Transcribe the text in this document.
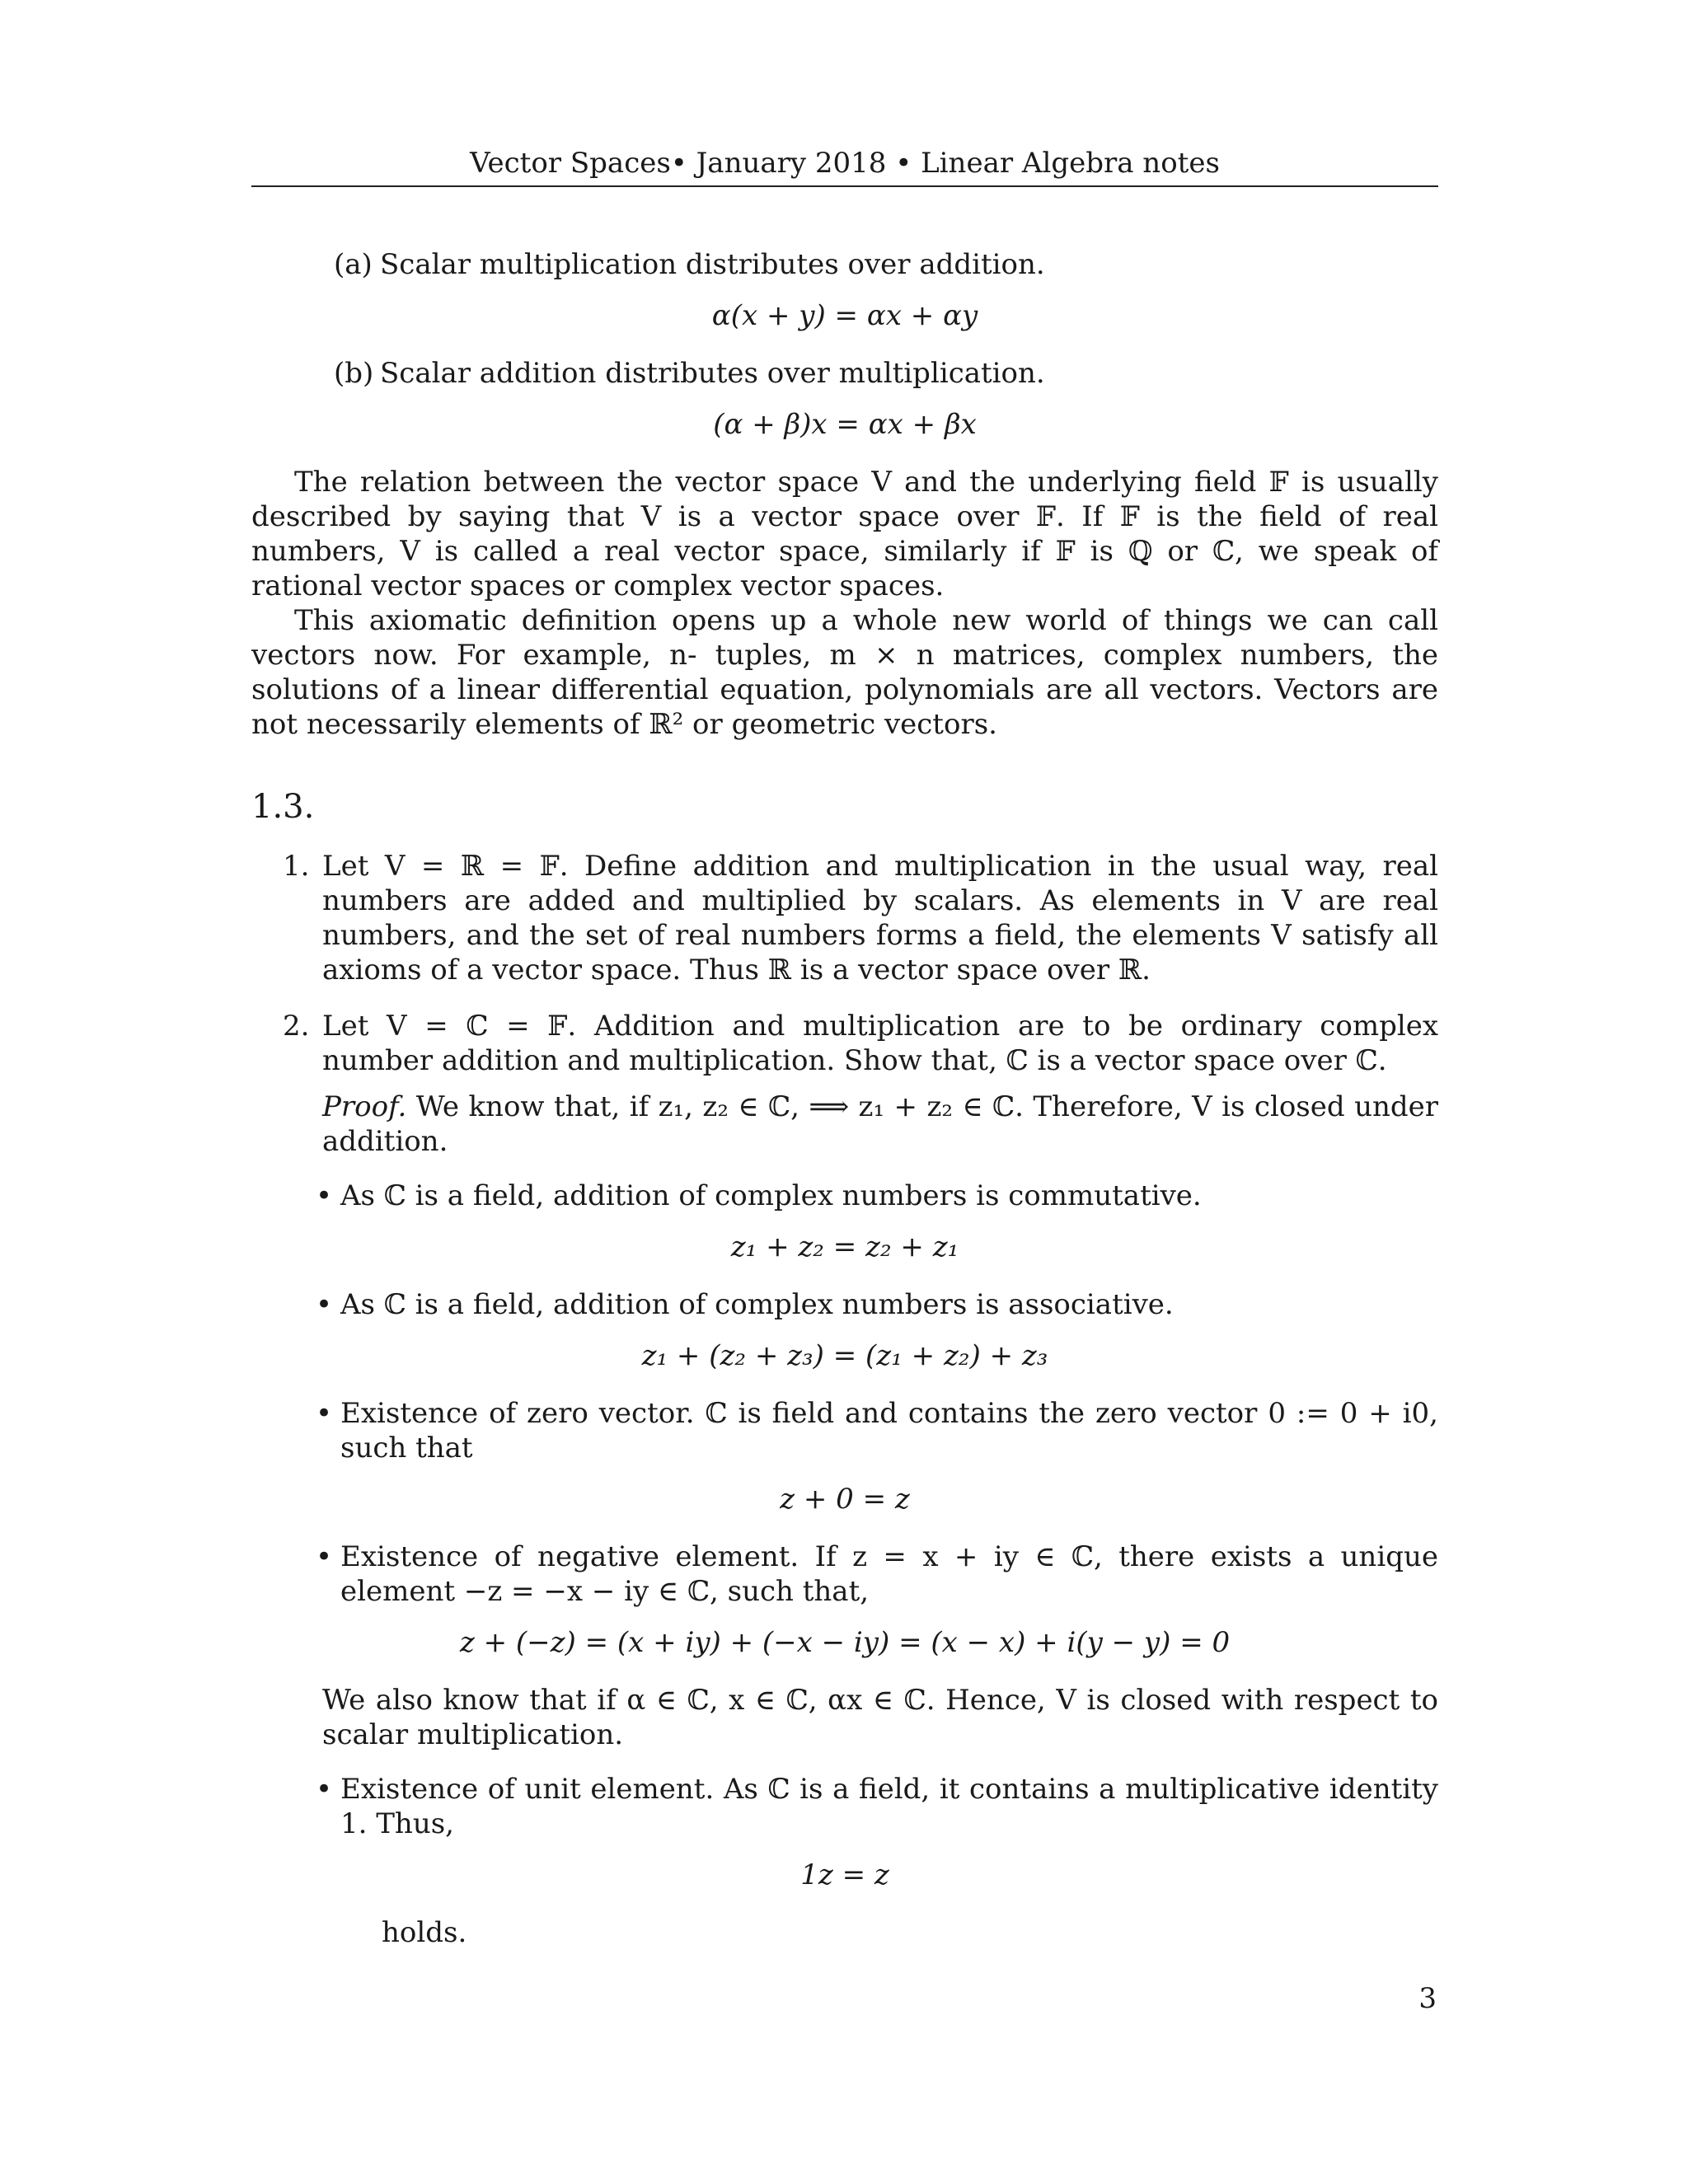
Vector Spaces• January 2018 • Linear Algebra notes
(a) Scalar multiplication distributes over addition.
α(x + y) = αx + αy
(b) Scalar addition distributes over multiplication.
(α + β)x = αx + βx

The relation between the vector space V and the underlying field 𝔽 is usually described by saying that V is a vector space over 𝔽. If 𝔽 is the field of real numbers, V is called a real vector space, similarly if 𝔽 is ℚ or ℂ, we speak of rational vector spaces or complex vector spaces.

This axiomatic definition opens up a whole new world of things we can call vectors now. For example, n- tuples, m × n matrices, complex numbers, the solutions of a linear differential equation, polynomials are all vectors. Vectors are not necessarily elements of ℝ² or geometric vectors.

1.3.
1. Let V = ℝ = 𝔽. Define addition and multiplication in the usual way, real numbers are added and multiplied by scalars. As elements in V are real numbers, and the set of real numbers forms a field, the elements V satisfy all axioms of a vector space. Thus ℝ is a vector space over ℝ.
2. Let V = ℂ = 𝔽. Addition and multiplication are to be ordinary complex number addition and multiplication. Show that, ℂ is a vector space over ℂ.

Proof. We know that, if z₁, z₂ ∈ ℂ, ⟹ z₁ + z₂ ∈ ℂ. Therefore, V is closed under addition.

• As ℂ is a field, addition of complex numbers is commutative.
z₁ + z₂ = z₂ + z₁
• As ℂ is a field, addition of complex numbers is associative.
z₁ + (z₂ + z₃) = (z₁ + z₂) + z₃
• Existence of zero vector. ℂ is field and contains the zero vector 0 := 0 + i0, such that
z + 0 = z
• Existence of negative element. If z = x + iy ∈ ℂ, there exists a unique element −z = −x − iy ∈ ℂ, such that,
z + (−z) = (x + iy) + (−x − iy) = (x − x) + i(y − y) = 0

We also know that if α ∈ ℂ, x ∈ ℂ, αx ∈ ℂ. Hence, V is closed with respect to scalar multiplication.

• Existence of unit element. As ℂ is a field, it contains a multiplicative identity 1. Thus,
1z = z

holds.

3
